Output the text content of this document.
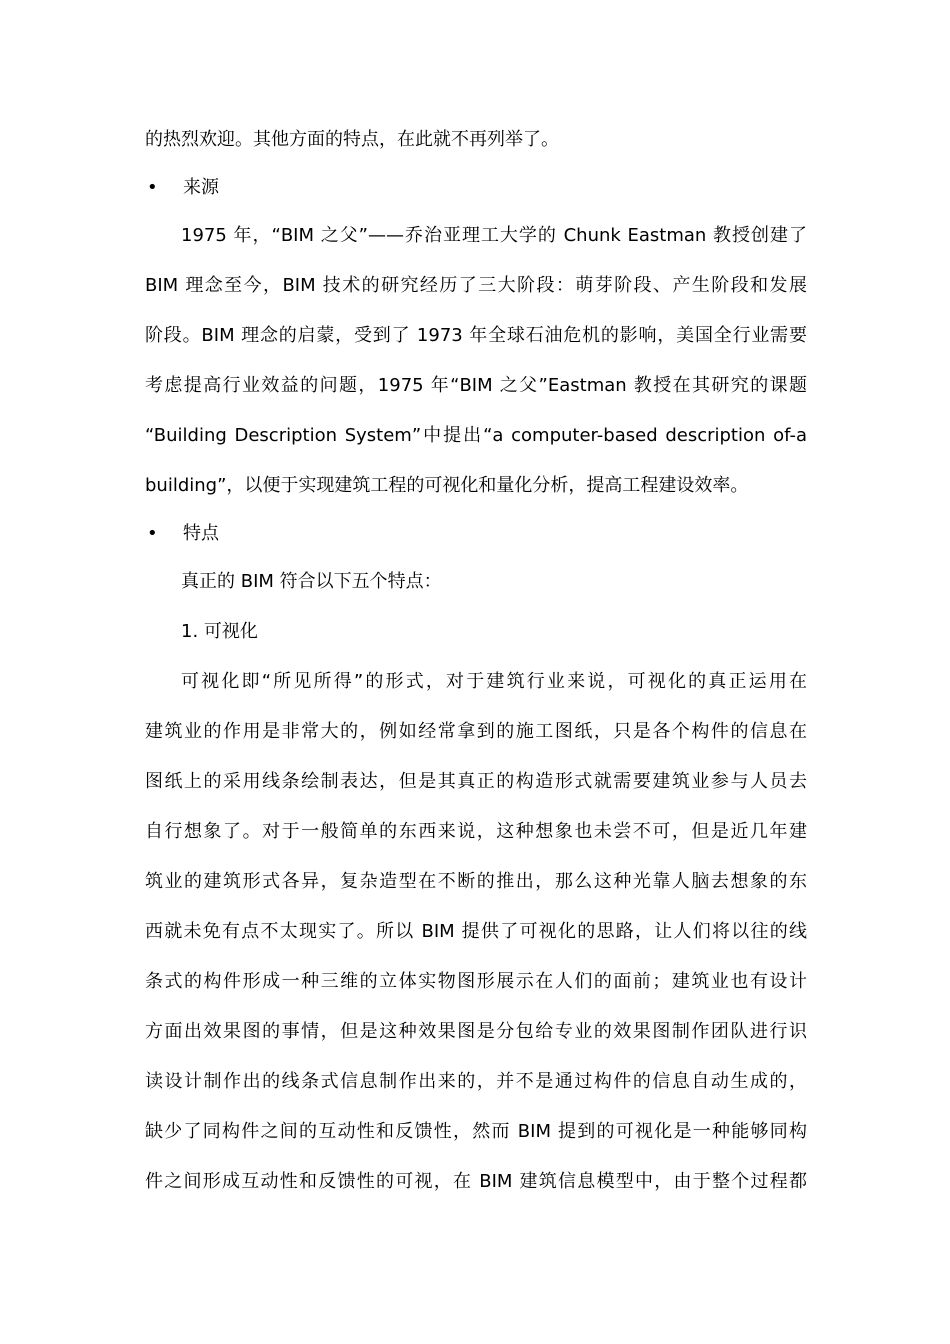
的热烈欢迎。其他方面的特点，在此就不再列举了。
•	来源
1975 年，“BIM 之父”——乔治亚理工大学的 Chunk Eastman 教授创建了
BIM 理念至今，BIM 技术的研究经历了三大阶段：萌芽阶段、产生阶段和发展
阶段。BIM 理念的启蒙，受到了 1973 年全球石油危机的影响，美国全行业需要
考虑提高行业效益的问题，1975 年“BIM 之父”Eastman 教授在其研究的课题
“Building Description System”中提出“a computer-based description of-a
building”，以便于实现建筑工程的可视化和量化分析，提高工程建设效率。
•	特点
真正的 BIM 符合以下五个特点：
1. 可视化
可视化即“所见所得”的形式，对于建筑行业来说，可视化的真正运用在
建筑业的作用是非常大的，例如经常拿到的施工图纸，只是各个构件的信息在
图纸上的采用线条绘制表达，但是其真正的构造形式就需要建筑业参与人员去
自行想象了。对于一般简单的东西来说，这种想象也未尝不可，但是近几年建
筑业的建筑形式各异，复杂造型在不断的推出，那么这种光靠人脑去想象的东
西就未免有点不太现实了。所以 BIM 提供了可视化的思路，让人们将以往的线
条式的构件形成一种三维的立体实物图形展示在人们的面前；建筑业也有设计
方面出效果图的事情，但是这种效果图是分包给专业的效果图制作团队进行识
读设计制作出的线条式信息制作出来的，并不是通过构件的信息自动生成的，
缺少了同构件之间的互动性和反馈性，然而 BIM 提到的可视化是一种能够同构
件之间形成互动性和反馈性的可视，在 BIM 建筑信息模型中，由于整个过程都
